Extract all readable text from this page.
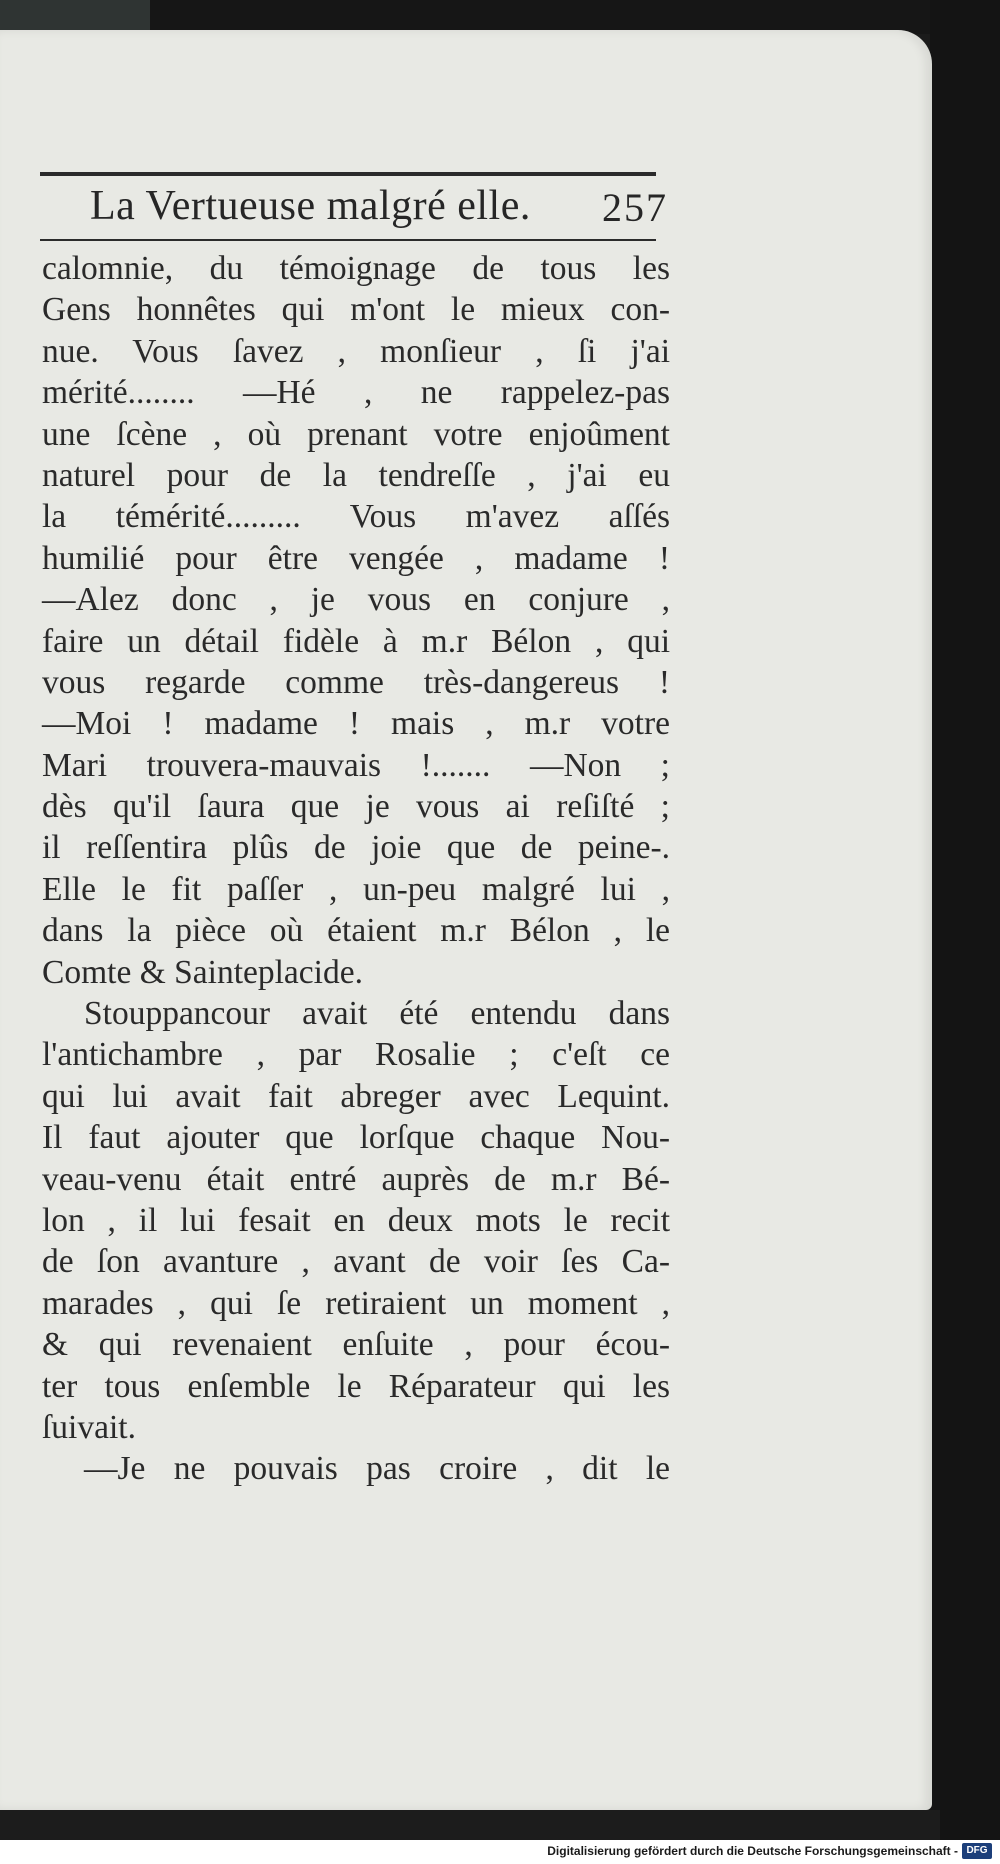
La Vertueuse malgré elle. 257
calomnie, du témoignage de tous les
Gens honnêtes qui m'ont le mieux con-
nue. Vous ſavez , monſieur , ſi j'ai
mérité........ —Hé , ne rappelez-pas
une ſcène , où prenant votre enjoûment
naturel pour de la tendreſſe , j'ai eu
la témérité......... Vous m'avez aſſés
humilié pour être vengée , madame !
—Alez donc , je vous en conjure ,
faire un détail fidèle à m.r Bélon , qui
vous regarde comme très-dangereus !
—Moi ! madame ! mais , m.r votre
Mari trouvera-mauvais !....... —Non ;
dès qu'il ſaura que je vous ai reſiſté ;
il reſſentira plûs de joie que de peine-.
Elle le fit paſſer , un-peu malgré lui ,
dans la pièce où étaient m.r Bélon , le
Comte & Sainteplacide.
Stouppancour avait été entendu dans
l'antichambre , par Rosalie ; c'eſt ce
qui lui avait fait abreger avec Lequint.
Il faut ajouter que lorſque chaque Nou-
veau-venu était entré auprès de m.r Bé-
lon , il lui fesait en deux mots le recit
de ſon avanture , avant de voir ſes Ca-
marades , qui ſe retiraient un moment ,
& qui revenaient enſuite , pour écou-
ter tous enſemble le Réparateur qui les
ſuivait.
—Je ne pouvais pas croire , dit le
Digitalisierung gefördert durch die Deutsche Forschungsgemeinschaft - DFG
